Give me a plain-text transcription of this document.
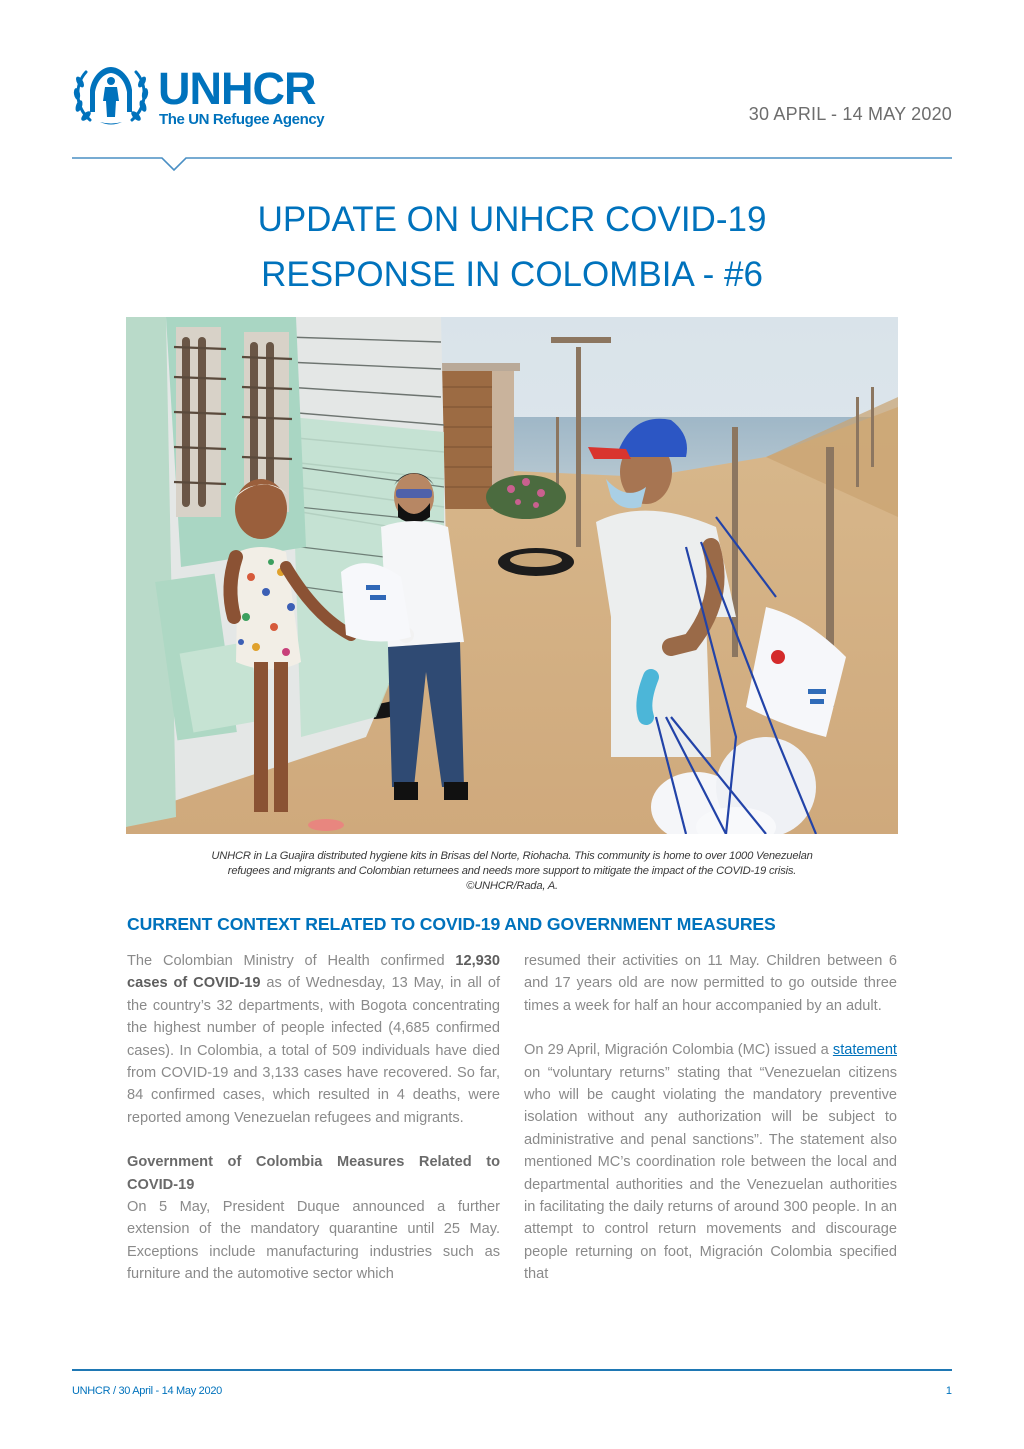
UNHCR
The UN Refugee Agency	30 APRIL - 14 MAY 2020
UPDATE ON UNHCR COVID-19
RESPONSE IN COLOMBIA - #6
UNHCR in La Guajira distributed hygiene kits in Brisas del Norte, Riohacha. This community is home to over 1000 Venezuelan
refugees and migrants and Colombian returnees and needs more support to mitigate the impact of the COVID-19 crisis.
©UNHCR/Rada, A.
CURRENT CONTEXT RELATED TO COVID-19 AND GOVERNMENT MEASURES

The Colombian Ministry of Health confirmed 12,930 cases of COVID-19 as of Wednesday, 13 May, in all of the country’s 32 departments, with Bogota concentrating the highest number of people infected (4,685 confirmed cases). In Colombia, a total of 509 individuals have died from COVID-19 and 3,133 cases have recovered. So far, 84 confirmed cases, which resulted in 4 deaths, were reported among Venezuelan refugees and migrants.

Government of Colombia Measures Related to COVID-19

On 5 May, President Duque announced a further extension of the mandatory quarantine until 25 May. Exceptions include manufacturing industries such as furniture and the automotive sector which

resumed their activities on 11 May. Children between 6 and 17 years old are now permitted to go outside three times a week for half an hour accompanied by an adult.

On 29 April, Migración Colombia (MC) issued a statement on “voluntary returns” stating that “Venezuelan citizens who will be caught violating the mandatory preventive isolation without any authorization will be subject to administrative and penal sanctions”. The statement also mentioned MC’s coordination role between the local and departmental authorities and the Venezuelan authorities in facilitating the daily returns of around 300 people. In an attempt to control return movements and discourage people returning on foot, Migración Colombia specified that

UNHCR / 30 April - 14 May 2020	1
